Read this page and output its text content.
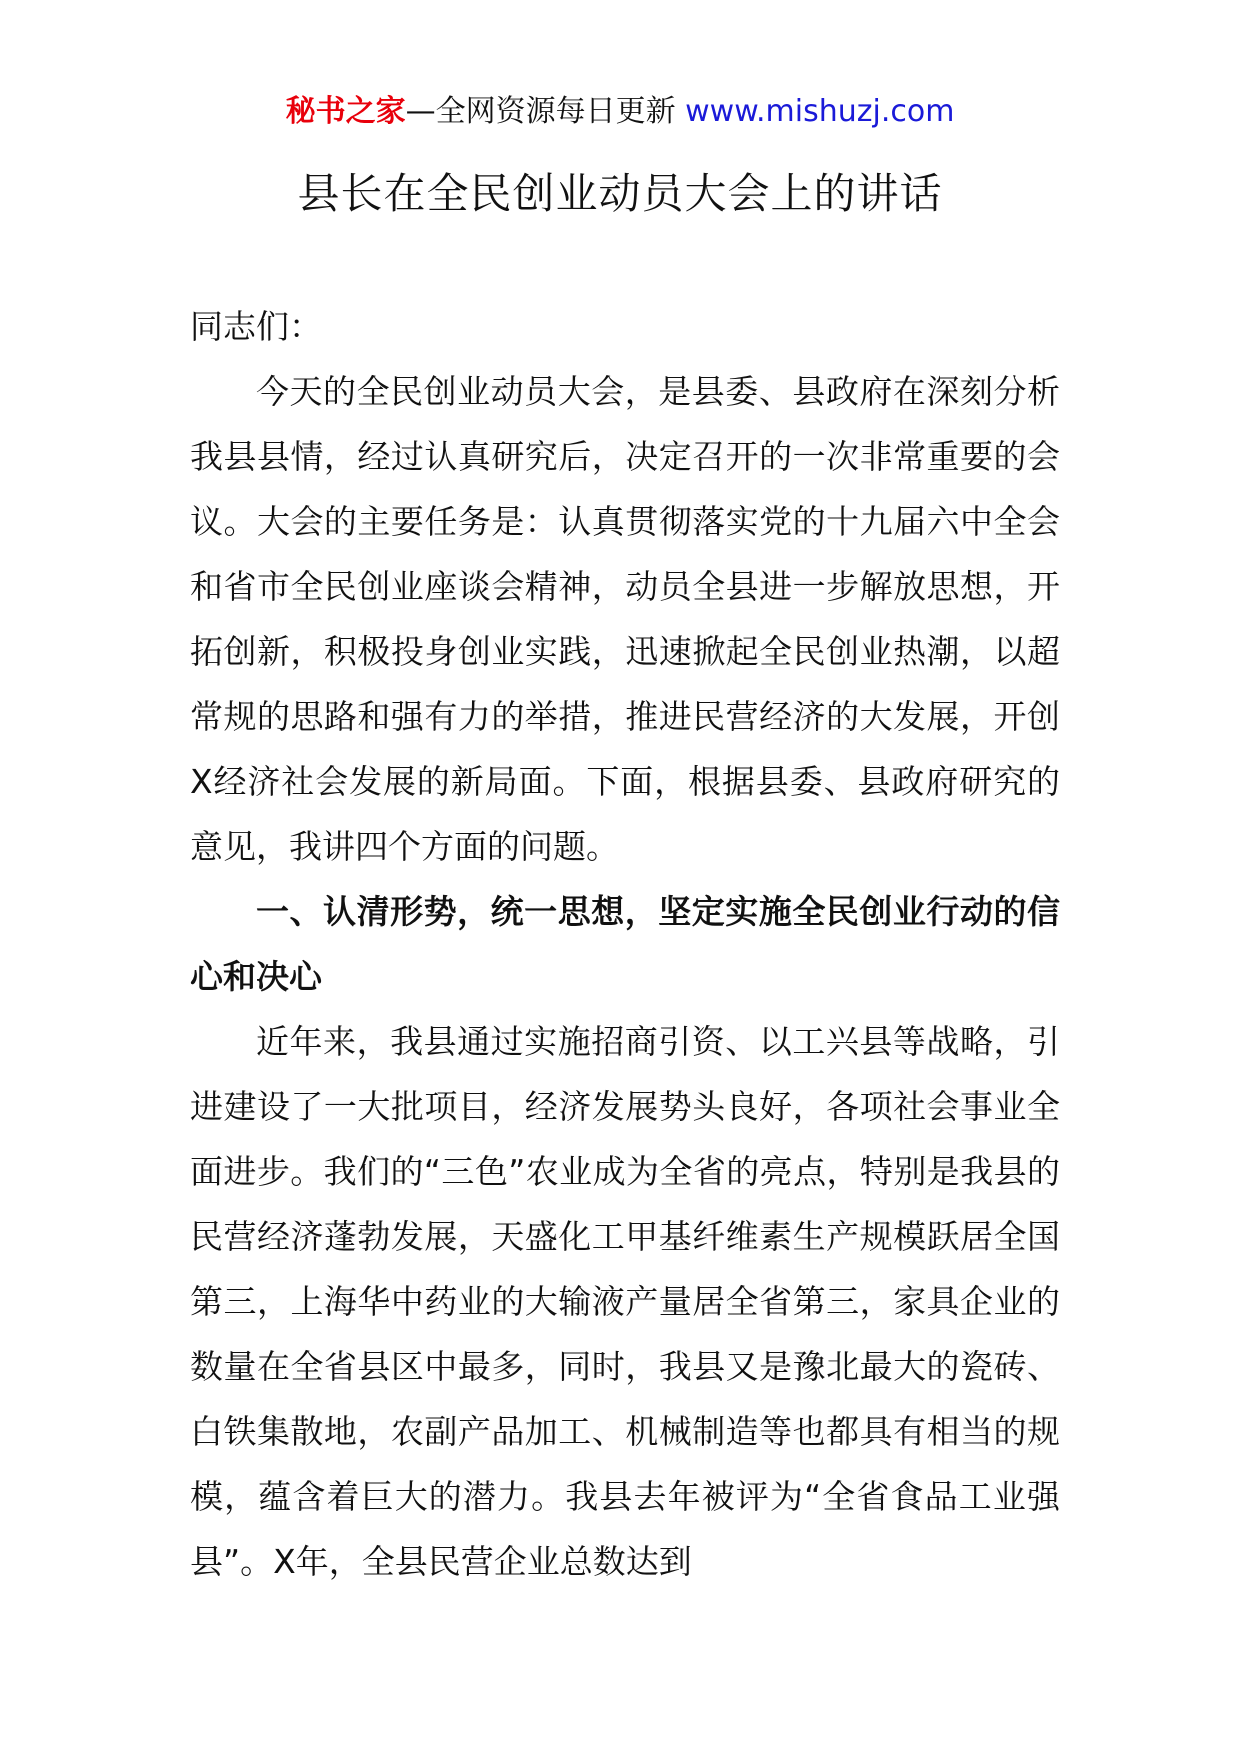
秘书之家—全网资源每日更新 www.mishuzj.com
县长在全民创业动员大会上的讲话

同志们：

今天的全民创业动员大会，是县委、县政府在深刻分析我县县情，经过认真研究后，决定召开的一次非常重要的会议。大会的主要任务是：认真贯彻落实党的十九届六中全会和省市全民创业座谈会精神，动员全县进一步解放思想，开拓创新，积极投身创业实践，迅速掀起全民创业热潮，以超常规的思路和强有力的举措，推进民营经济的大发展，开创X经济社会发展的新局面。下面，根据县委、县政府研究的意见，我讲四个方面的问题。

一、认清形势，统一思想，坚定实施全民创业行动的信心和决心

近年来，我县通过实施招商引资、以工兴县等战略，引进建设了一大批项目，经济发展势头良好，各项社会事业全面进步。我们的“三色”农业成为全省的亮点，特别是我县的民营经济蓬勃发展，天盛化工甲基纤维素生产规模跃居全国第三，上海华中药业的大输液产量居全省第三，家具企业的数量在全省县区中最多，同时，我县又是豫北最大的瓷砖、白铁集散地，农副产品加工、机械制造等也都具有相当的规模，蕴含着巨大的潜力。我县去年被评为“全省食品工业强县”。X年，全县民营企业总数达到
